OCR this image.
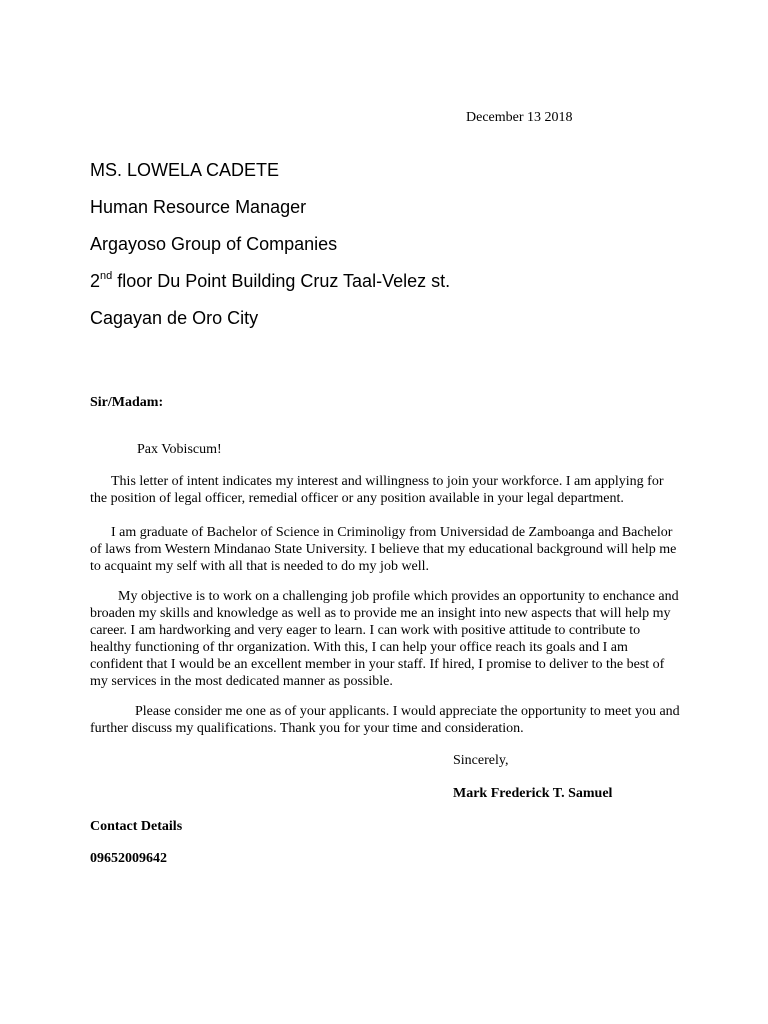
December 13 2018
MS. LOWELA CADETE
Human Resource Manager
Argayoso Group of Companies
2nd floor Du Point Building Cruz Taal-Velez st.
Cagayan de Oro City
Sir/Madam:
Pax Vobiscum!
This letter of intent indicates my interest and willingness to join your workforce. I am applying for the position of legal officer, remedial officer or any position available in your legal department.
I am graduate of Bachelor of Science in Criminoligy from Universidad de Zamboanga and Bachelor of laws from Western Mindanao State University. I believe that my educational background will help me to acquaint my self with all that is needed to do my job well.
My objective is to work on a challenging job profile which provides an opportunity to enchance and broaden my skills and knowledge as well as to provide me an insight into new aspects that will help my career. I am hardworking and very eager to learn. I can work with positive attitude to contribute to healthy functioning of thr organization. With this, I can help your office reach its goals and I am confident that I would be an excellent member in your staff. If hired, I promise to deliver to the best of my services in the most dedicated manner as possible.
Please consider me one as of your applicants. I would appreciate the opportunity to meet you and further discuss my qualifications. Thank you for your time and consideration.
Sincerely,
Mark Frederick T. Samuel
Contact Details
09652009642
